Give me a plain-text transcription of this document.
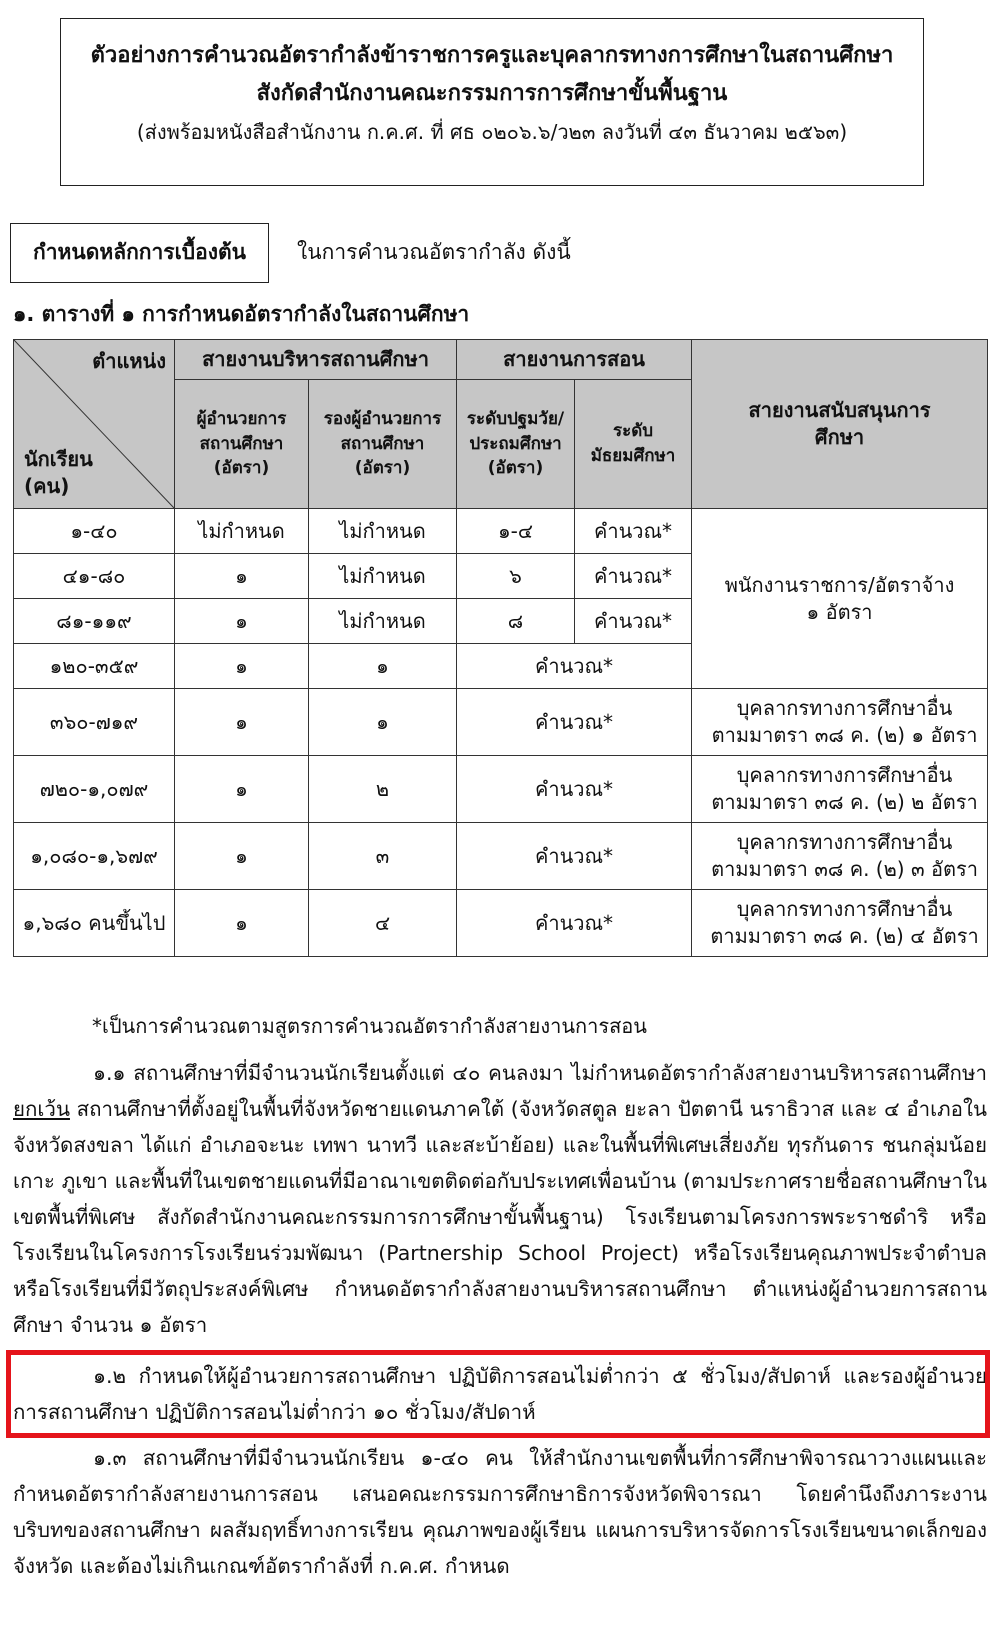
ตัวอย่างการคำนวณอัตรากำลังข้าราชการครูและบุคลากรทางการศึกษาในสถานศึกษา
สังกัดสำนักงานคณะกรรมการการศึกษาขั้นพื้นฐาน
(ส่งพร้อมหนังสือสำนักงาน ก.ค.ศ. ที่ ศธ ๐๒๐๖.๖/ว๒๓ ลงวันที่ ๔๓ ธันวาคม ๒๕๖๓)
กำหนดหลักการเบื้องต้น	ในการคำนวณอัตรากำลัง ดังนี้
๑. ตารางที่ ๑ การกำหนดอัตรากำลังในสถานศึกษา
ตำแหน่ง
นักเรียน
(คน)	สายงานบริหารสถานศึกษา		สายงานการสอน		สายงานสนับสนุนการศึกษา
	ผู้อำนวยการสถานศึกษา (อัตรา)	รองผู้อำนวยการสถานศึกษา (อัตรา)	ระดับปฐมวัย/ประถมศึกษา (อัตรา)	ระดับมัธยมศึกษา	
๑-๔๐	ไม่กำหนด	ไม่กำหนด	๑-๔	คำนวณ*	พนักงานราชการ/อัตราจ้าง
๑ อัตรา

๔๑-๘๐	๑	ไม่กำหนด	๖	คำนวณ*	
๘๑-๑๑๙	๑	ไม่กำหนด	๘	คำนวณ*	
๑๒๐-๓๕๙	๑	๑	คำนวณ*		
๓๖๐-๗๑๙	๑	๑	คำนวณ*		บุคลากรทางการศึกษาอื่น
ตามมาตรา ๓๘ ค. (๒) ๑ อัตรา

๗๒๐-๑,๐๗๙	๑	๒	คำนวณ*		บุคลากรทางการศึกษาอื่น
ตามมาตรา ๓๘ ค. (๒) ๒ อัตรา

๑,๐๘๐-๑,๖๗๙	๑	๓	คำนวณ*		บุคลากรทางการศึกษาอื่น
ตามมาตรา ๓๘ ค. (๒) ๓ อัตรา

๑,๖๘๐ คนขึ้นไป	๑	๔	คำนวณ*		บุคลากรทางการศึกษาอื่น
ตามมาตรา ๓๘ ค. (๒) ๔ อัตรา
*เป็นการคำนวณตามสูตรการคำนวณอัตรากำลังสายงานการสอน
๑.๑ สถานศึกษาที่มีจำนวนนักเรียนตั้งแต่ ๔๐ คนลงมา ไม่กำหนดอัตรากำลังสายงานบริหารสถานศึกษา ยกเว้น สถานศึกษาที่ตั้งอยู่ในพื้นที่จังหวัดชายแดนภาคใต้ (จังหวัดสตูล ยะลา ปัตตานี นราธิวาส และ ๔ อำเภอในจังหวัดสงขลา ได้แก่ อำเภอจะนะ เทพา นาทวี และสะบ้าย้อย) และในพื้นที่พิเศษเสี่ยงภัย ทุรกันดาร ชนกลุ่มน้อย เกาะ ภูเขา และพื้นที่ในเขตชายแดนที่มีอาณาเขตติดต่อกับประเทศเพื่อนบ้าน (ตามประกาศรายชื่อสถานศึกษาในเขตพื้นที่พิเศษ สังกัดสำนักงานคณะกรรมการการศึกษาขั้นพื้นฐาน) โรงเรียนตามโครงการพระราชดำริ หรือโรงเรียนในโครงการโรงเรียนร่วมพัฒนา (Partnership School Project) หรือโรงเรียนคุณภาพประจำตำบล หรือโรงเรียนที่มีวัตถุประสงค์พิเศษ กำหนดอัตรากำลังสายงานบริหารสถานศึกษา ตำแหน่งผู้อำนวยการสถานศึกษา จำนวน ๑ อัตรา
๑.๒ กำหนดให้ผู้อำนวยการสถานศึกษา ปฏิบัติการสอนไม่ต่ำกว่า ๕ ชั่วโมง/สัปดาห์ และรองผู้อำนวยการสถานศึกษา ปฏิบัติการสอนไม่ต่ำกว่า ๑๐ ชั่วโมง/สัปดาห์
๑.๓ สถานศึกษาที่มีจำนวนนักเรียน ๑-๔๐ คน ให้สำนักงานเขตพื้นที่การศึกษาพิจารณาวางแผนและกำหนดอัตรากำลังสายงานการสอน เสนอคณะกรรมการศึกษาธิการจังหวัดพิจารณา โดยคำนึงถึงภาระงาน บริบทของสถานศึกษา ผลสัมฤทธิ์ทางการเรียน คุณภาพของผู้เรียน แผนการบริหารจัดการโรงเรียนขนาดเล็กของจังหวัด และต้องไม่เกินเกณฑ์อัตรากำลังที่ ก.ค.ศ. กำหนด
